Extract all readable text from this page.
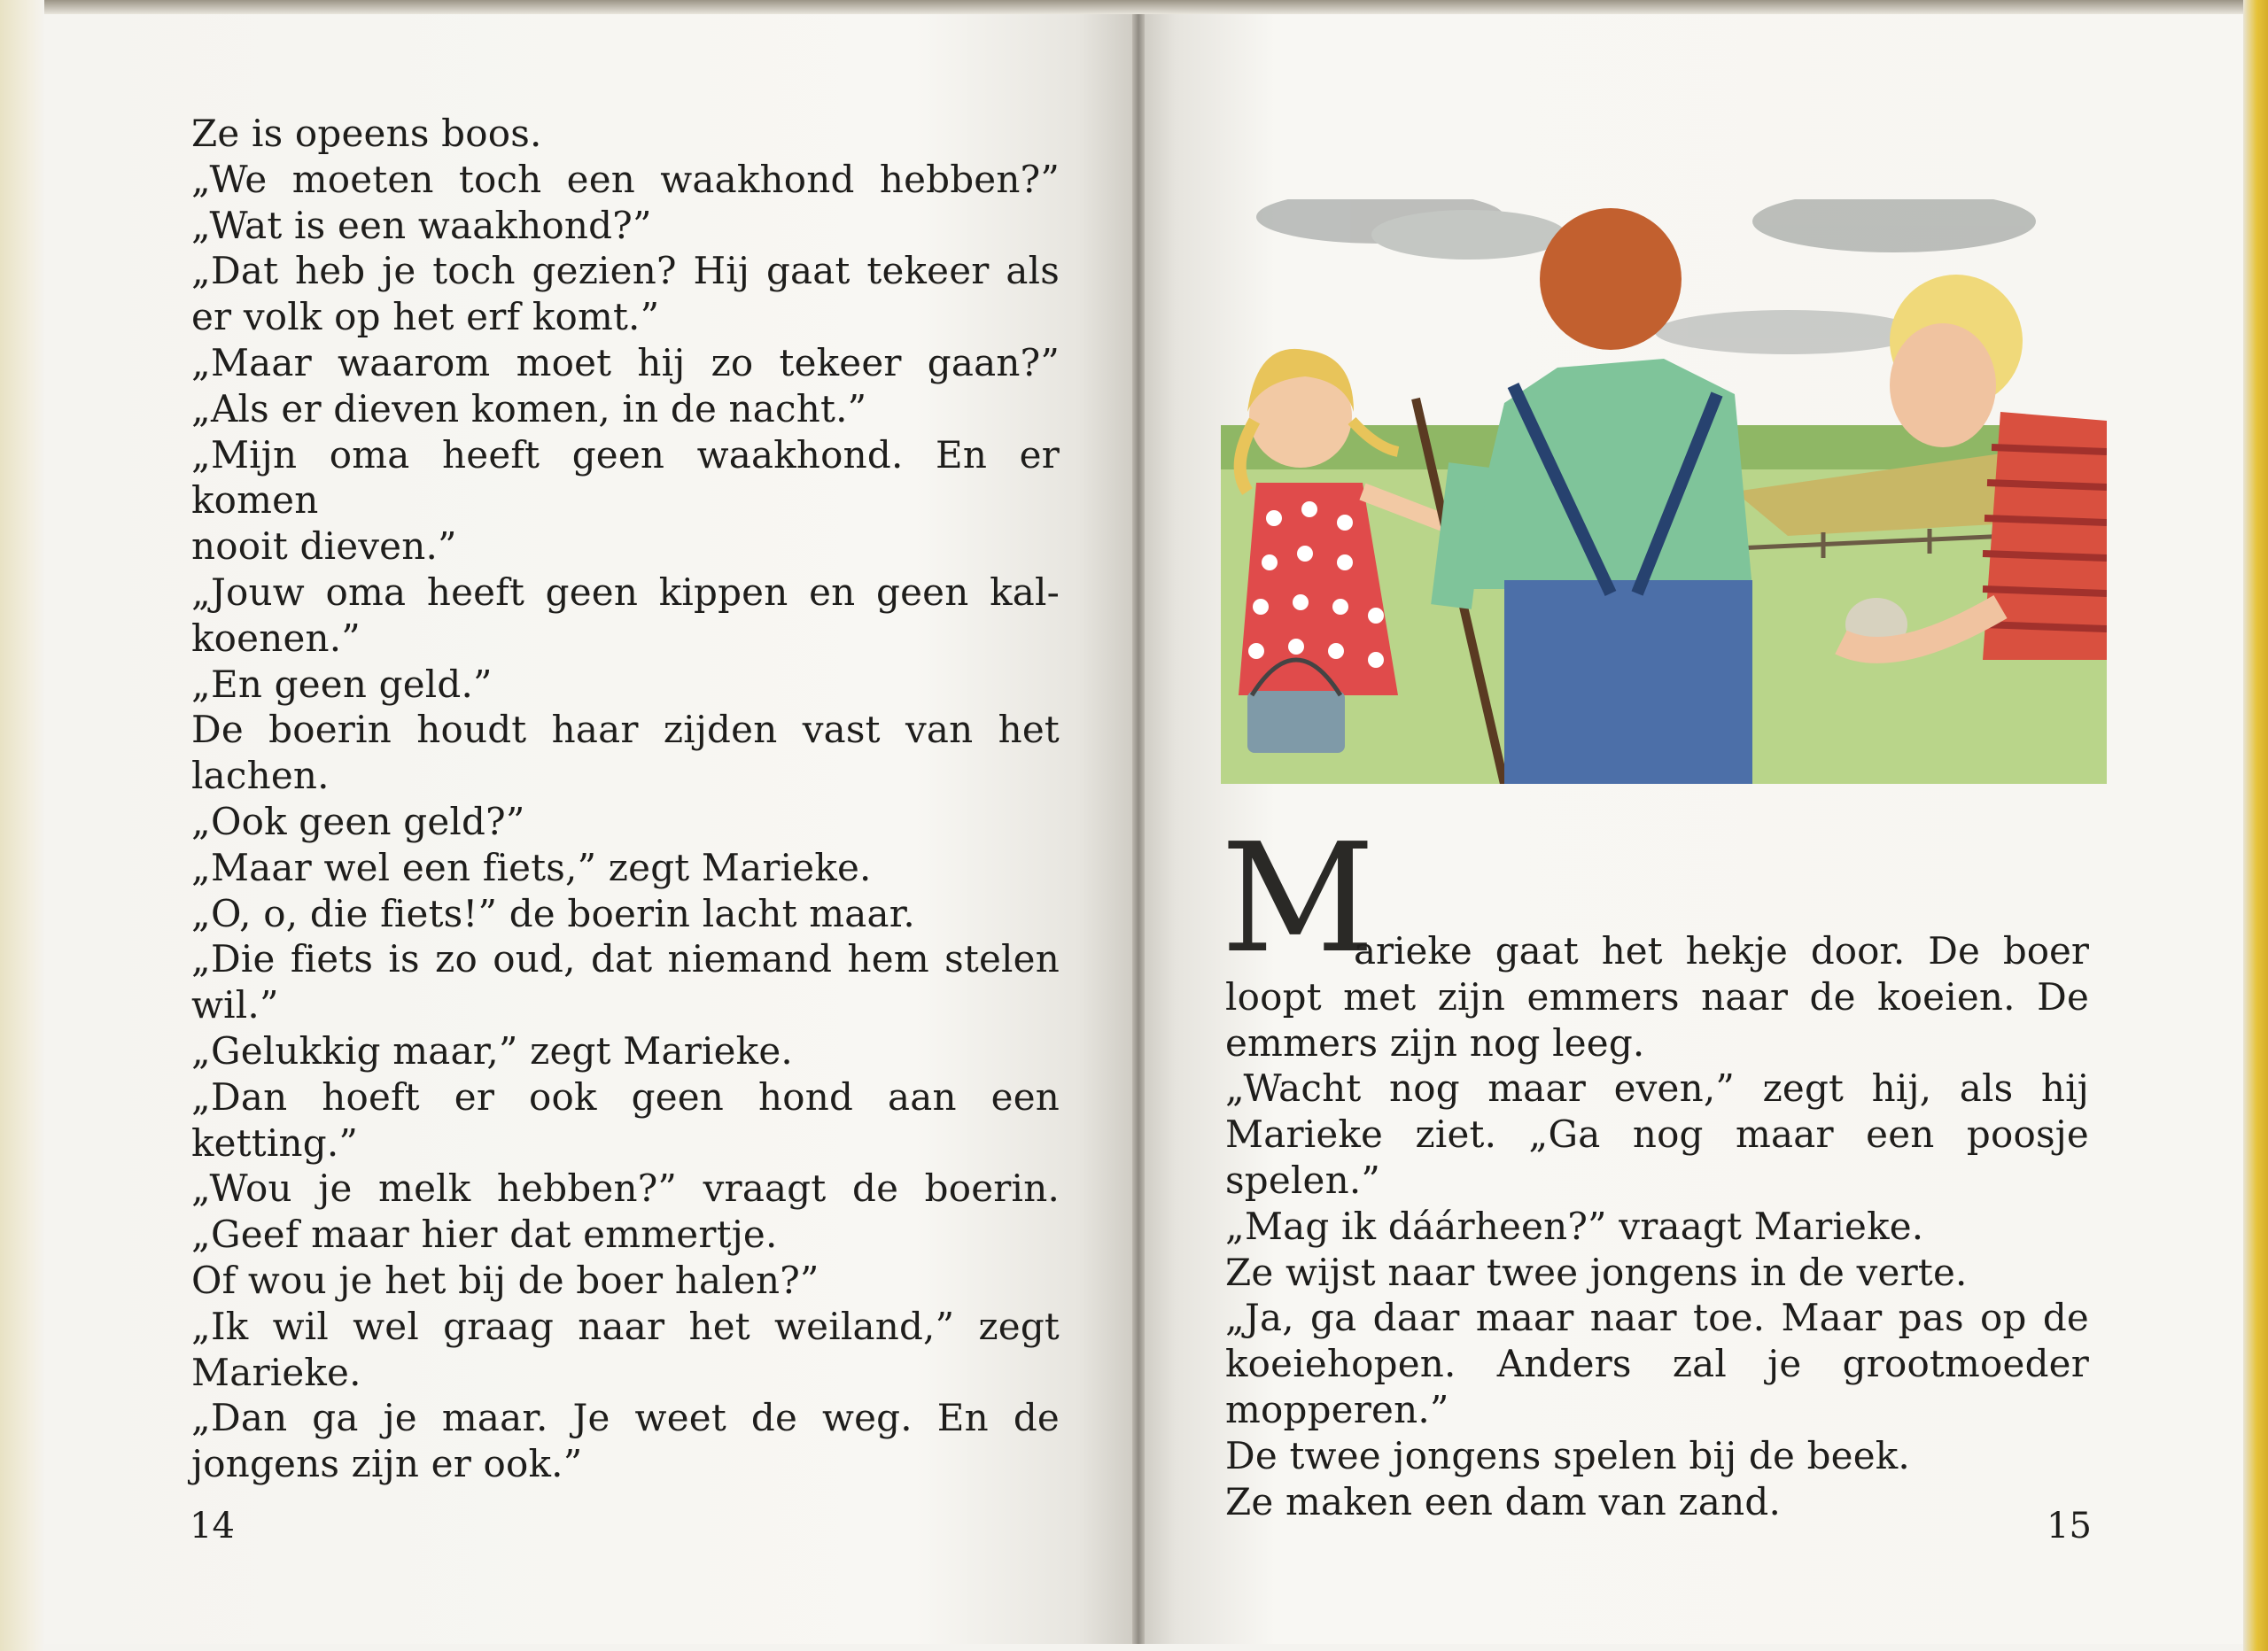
Ze is opeens boos.
„We moeten toch een waakhond hebben?”
„Wat is een waakhond?”
„Dat heb je toch gezien? Hij gaat tekeer als
er volk op het erf komt.”
„Maar waarom moet hij zo tekeer gaan?”
„Als er dieven komen, in de nacht.”
„Mijn oma heeft geen waakhond. En er komen
nooit dieven.”
„Jouw oma heeft geen kippen en geen kal-
koenen.”
„En geen geld.”
De boerin houdt haar zijden vast van het
lachen.
„Ook geen geld?”
„Maar wel een fiets,” zegt Marieke.
„O, o, die fiets!” de boerin lacht maar.
„Die fiets is zo oud, dat niemand hem stelen
wil.”
„Gelukkig maar,” zegt Marieke.
„Dan hoeft er ook geen hond aan een ketting.”
„Wou je melk hebben?” vraagt de boerin.
„Geef maar hier dat emmertje.
Of wou je het bij de boer halen?”
„Ik wil wel graag naar het weiland,” zegt
Marieke.
„Dan ga je maar. Je weet de weg. En de
jongens zijn er ook.”
14
M
arieke gaat het hekje door. De boer
loopt met zijn emmers naar de koeien. De
emmers zijn nog leeg.
„Wacht nog maar even,” zegt hij, als hij
Marieke ziet. „Ga nog maar een poosje spelen.”
„Mag ik dáárheen?” vraagt Marieke.
Ze wijst naar twee jongens in de verte.
„Ja, ga daar maar naar toe. Maar pas op de
koeiehopen. Anders zal je grootmoeder
mopperen.”
De twee jongens spelen bij de beek.
Ze maken een dam van zand.
15
